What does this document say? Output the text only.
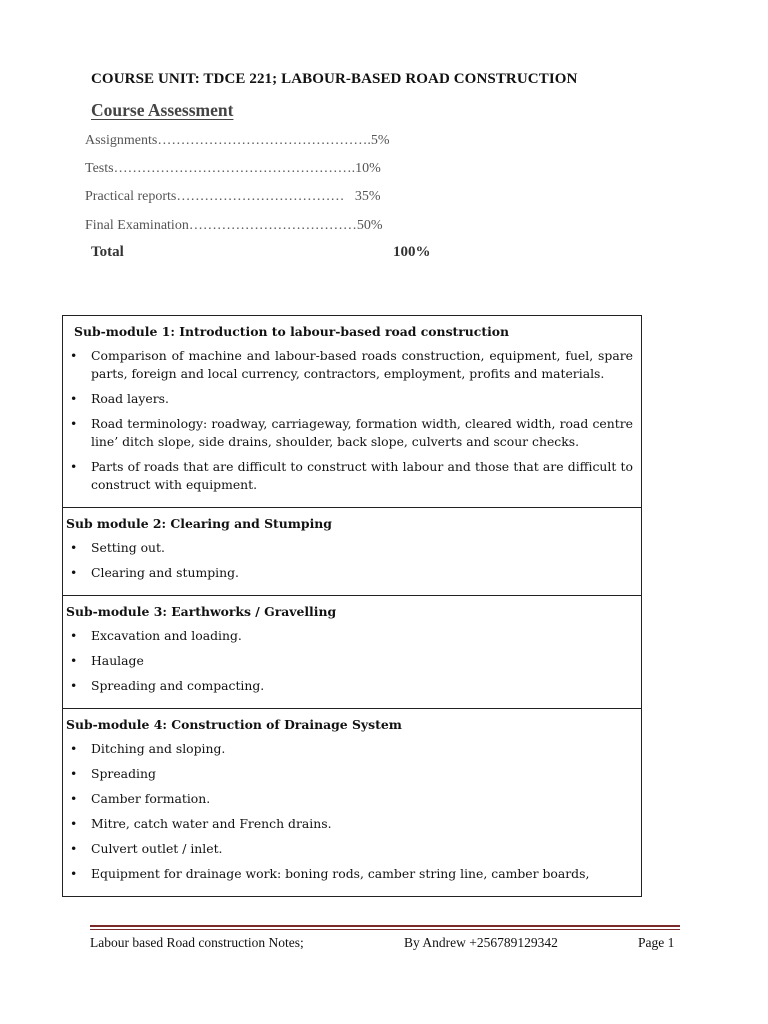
COURSE UNIT: TDCE 221; LABOUR-BASED ROAD CONSTRUCTION
Course Assessment
Assignments……………………………………….5%
Tests…………………………………………….10%
Practical reports………………………………   35%
Final Examination………………………………50%
Total	100%
Sub-module 1: Introduction to labour-based road construction
• Comparison of machine and labour-based roads construction, equipment, fuel, spare parts, foreign and local currency, contractors, employment, profits and materials.
• Road layers.
• Road terminology: roadway, carriageway, formation width, cleared width, road centre line’ ditch slope, side drains, shoulder, back slope, culverts and scour checks.
• Parts of roads that are difficult to construct with labour and those that are difficult to construct with equipment.
Sub module 2: Clearing and Stumping
• Setting out.
• Clearing and stumping.
Sub-module 3: Earthworks / Gravelling
• Excavation and loading.
• Haulage
• Spreading and compacting.
Sub-module 4: Construction of Drainage System
• Ditching and sloping.
• Spreading
• Camber formation.
• Mitre, catch water and French drains.
• Culvert outlet / inlet.
• Equipment for drainage work: boning rods, camber string line, camber boards,
Labour based Road construction Notes;	By Andrew +256789129342	Page 1
